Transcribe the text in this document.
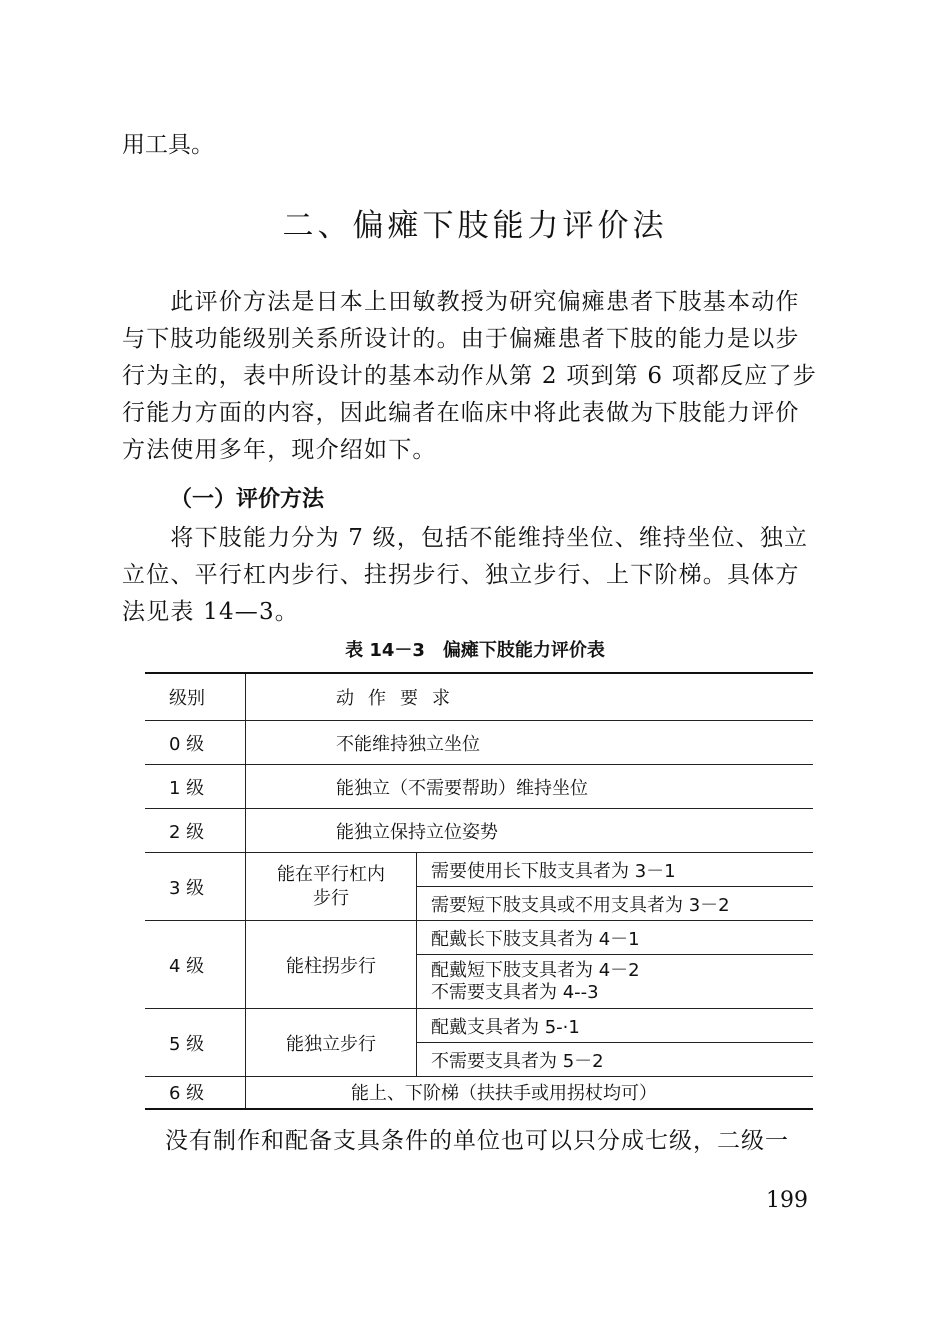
用工具。
二、偏瘫下肢能力评价法
　　此评价方法是日本上田敏教授为研究偏瘫患者下肢基本动作
与下肢功能级别关系所设计的。由于偏瘫患者下肢的能力是以步
行为主的，表中所设计的基本动作从第 2 项到第 6 项都反应了步
行能力方面的内容，因此编者在临床中将此表做为下肢能力评价
方法使用多年，现介绍如下。
（一）评价方法
　　将下肢能力分为 7 级，包括不能维持坐位、维持坐位、独立
立位、平行杠内步行、拄拐步行、独立步行、上下阶梯。具体方
法见表 14—3。
表 14－3　偏瘫下肢能力评价表
级别	动作要求	
0 级	不能维持独立坐位	
1 级	能独立（不需要帮助）维持坐位	
2 级	能独立保持立位姿势	
3 级	能在平行杠内步行	需要使用长下肢支具者为 3－1
		需要短下肢支具或不用支具者为 3－2
4 级	能柱拐步行	配戴长下肢支具者为 4－1

		配戴短下肢支具者为 4－2
不需要支具者为 4--3

5 级	能独立步行	配戴支具者为 5-·1
		不需要支具者为 5－2
6 级	能上、下阶梯（扶扶手或用拐杖均可）	
没有制作和配备支具条件的单位也可以只分成七级，二级一
199
